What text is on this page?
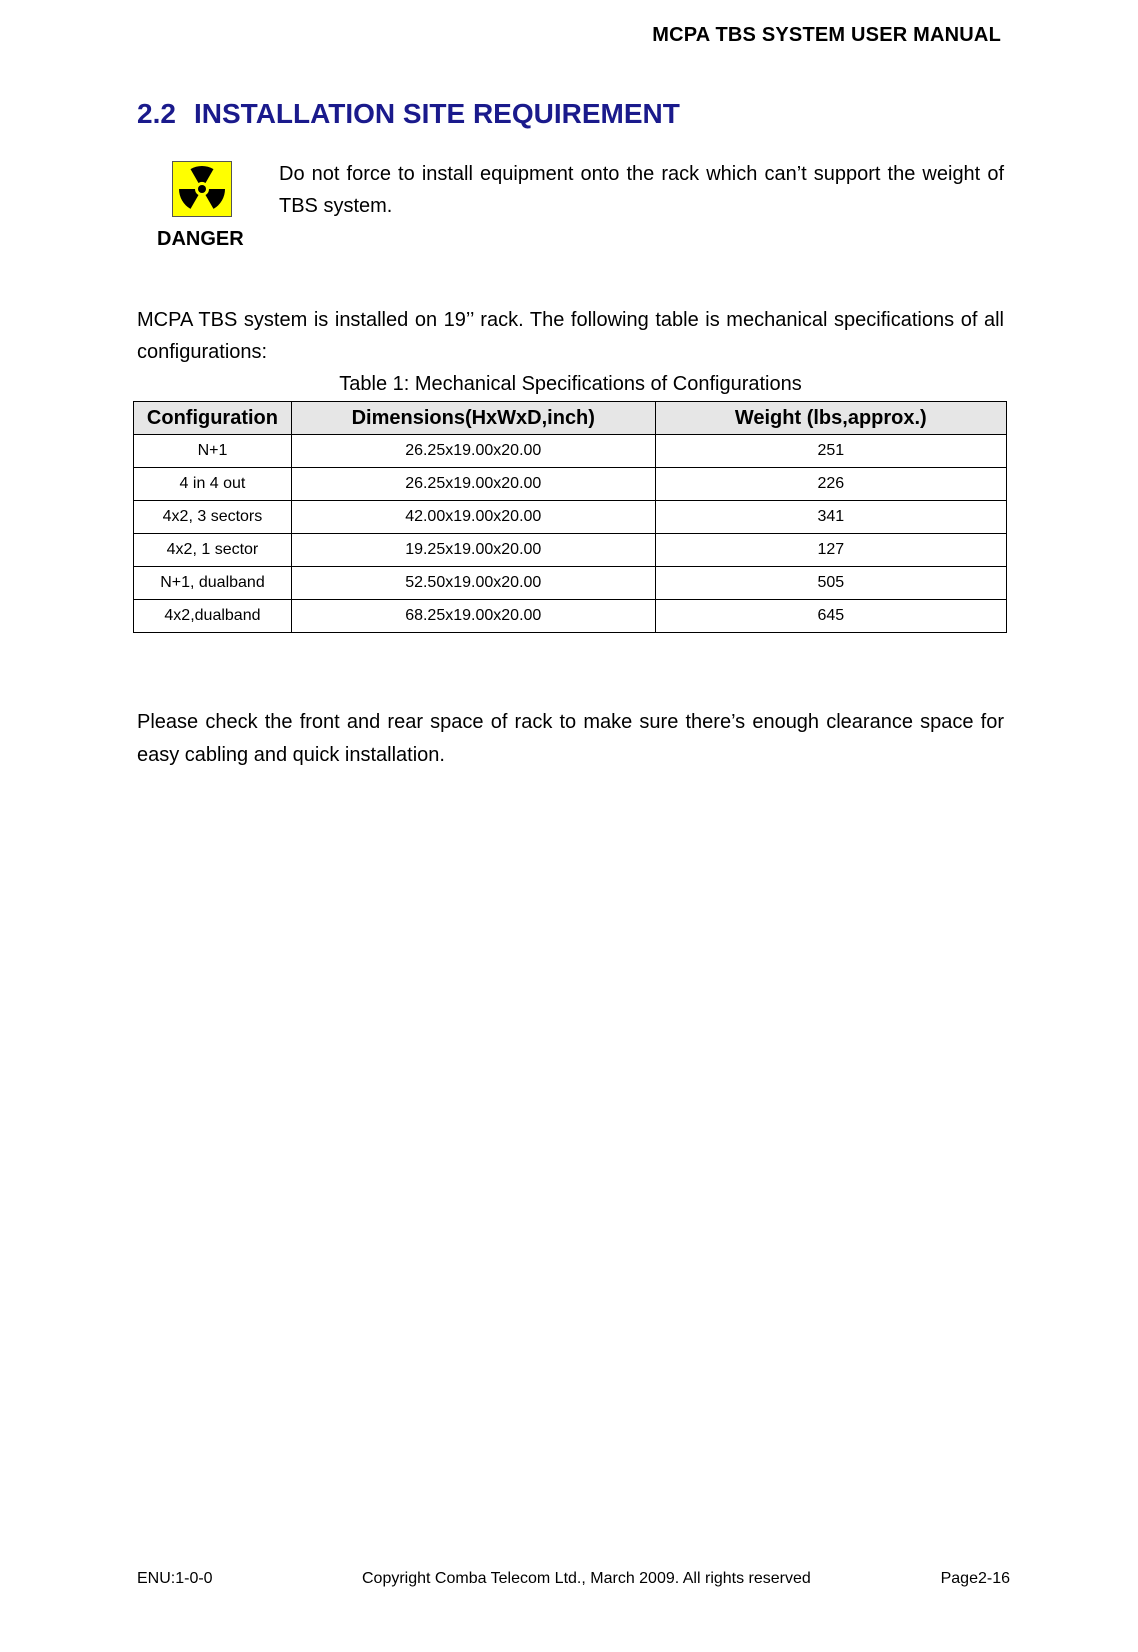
MCPA TBS SYSTEM USER MANUAL
2.2 INSTALLATION SITE REQUIREMENT
DANGER
Do not force to install equipment onto the rack which can’t support the weight of TBS system.
MCPA TBS system is installed on 19’’ rack. The following table is mechanical specifications of all configurations:
Table 1: Mechanical Specifications of Configurations
Configuration	Dimensions(HxWxD,inch)	Weight (lbs,approx.)
N+1	26.25x19.00x20.00	251
4 in 4 out	26.25x19.00x20.00	226
4x2, 3 sectors	42.00x19.00x20.00	341
4x2, 1 sector	19.25x19.00x20.00	127
N+1, dualband	52.50x19.00x20.00	505
4x2,dualband	68.25x19.00x20.00	645
Please check the front and rear space of rack to make sure there’s enough clearance space for easy cabling and quick installation.
ENU:1-0-0	Copyright Comba Telecom Ltd., March 2009. All rights reserved	Page2-16
